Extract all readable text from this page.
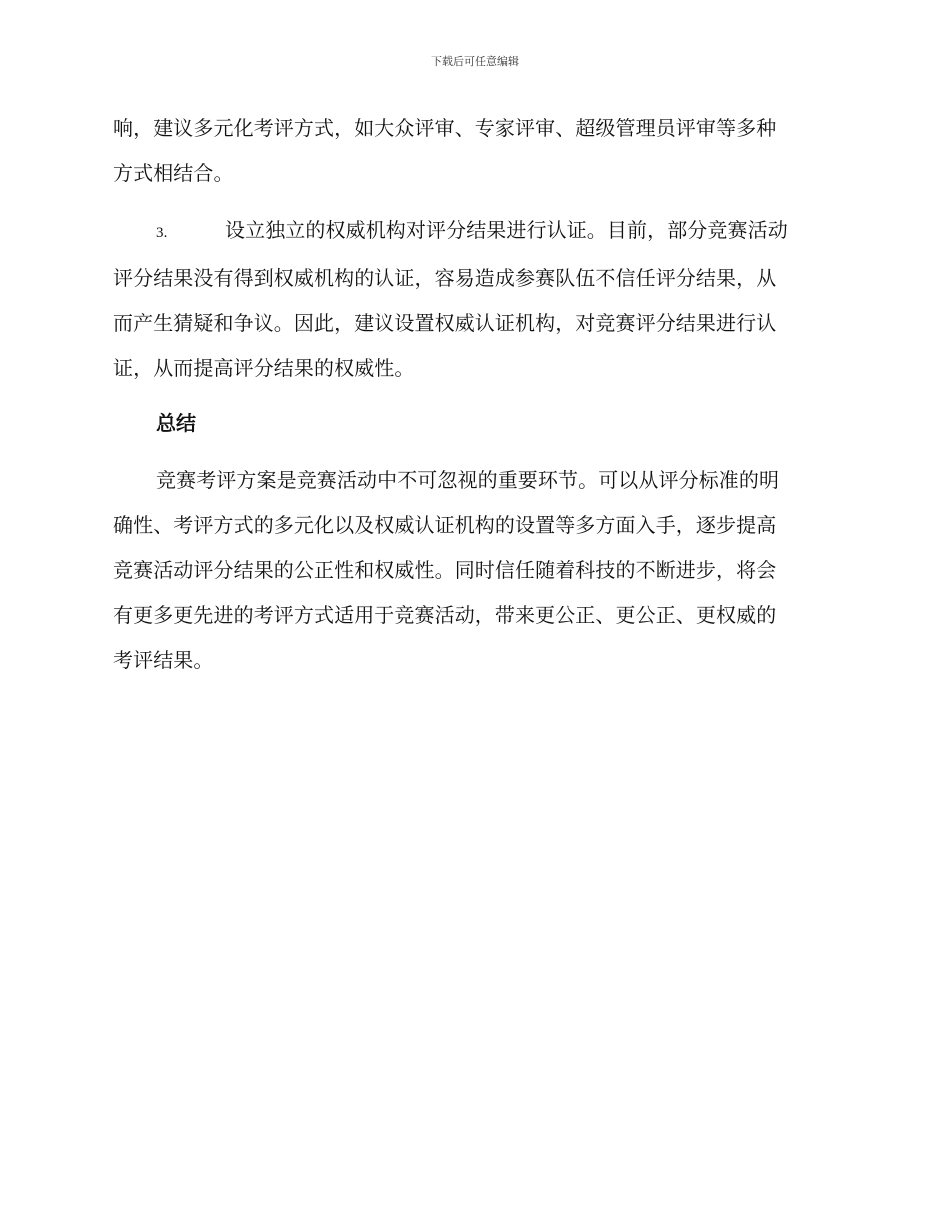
下载后可任意编辑
响，建议多元化考评方式，如大众评审、专家评审、超级管理员评审等多种
方式相结合。
3.	设立独立的权威机构对评分结果进行认证。目前，部分竞赛活动
评分结果没有得到权威机构的认证，容易造成参赛队伍不信任评分结果，从
而产生猜疑和争议。因此，建议设置权威认证机构，对竞赛评分结果进行认
证，从而提高评分结果的权威性。
总结
竞赛考评方案是竞赛活动中不可忽视的重要环节。可以从评分标准的明
确性、考评方式的多元化以及权威认证机构的设置等多方面入手，逐步提高
竞赛活动评分结果的公正性和权威性。同时信任随着科技的不断进步，将会
有更多更先进的考评方式适用于竞赛活动，带来更公正、更公正、更权威的
考评结果。
